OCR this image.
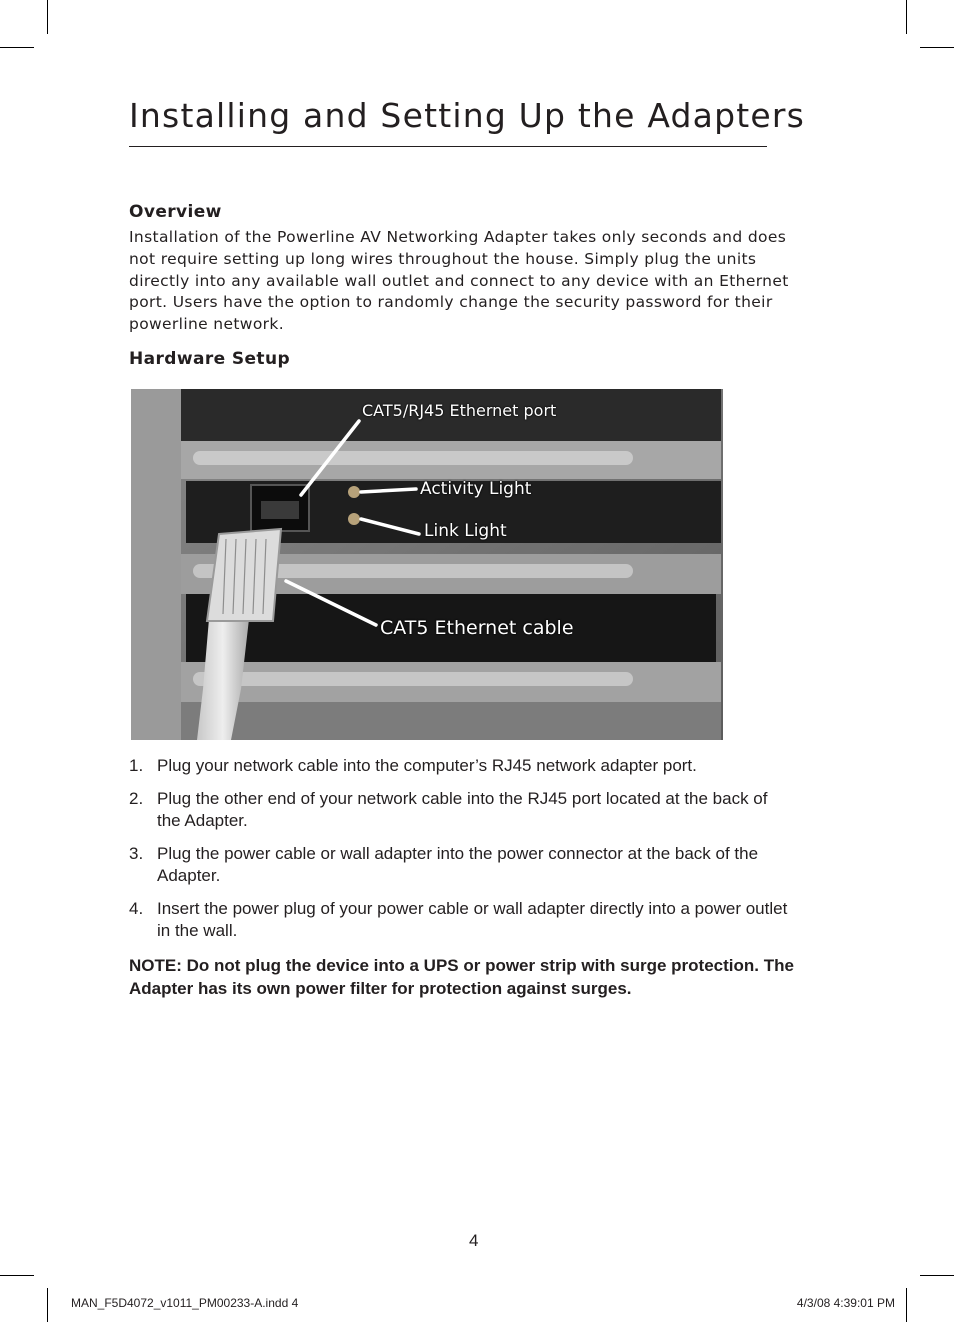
Installing and Setting Up the Adapters
Overview

Installation of the Powerline AV Networking Adapter takes only seconds and does not require setting up long wires throughout the house. Simply plug the units directly into any available wall outlet and connect to any device with an Ethernet port. Users have the option to randomly change the security password for their powerline network.

Hardware Setup
CAT5/RJ45 Ethernet port
Activity Light
Link Light
CAT5 Ethernet cable
1. Plug your network cable into the computer’s RJ45 network adapter port.
2. Plug the other end of your network cable into the RJ45 port located at the back of the Adapter.
3. Plug the power cable or wall adapter into the power connector at the back of the Adapter.
4. Insert the power plug of your power cable or wall adapter directly into a power outlet in the wall.

NOTE: Do not plug the device into a UPS or power strip with surge protection. The Adapter has its own power filter for protection against surges.

4
MAN_F5D4072_v1011_PM00233-A.indd 4	4/3/08 4:39:01 PM
